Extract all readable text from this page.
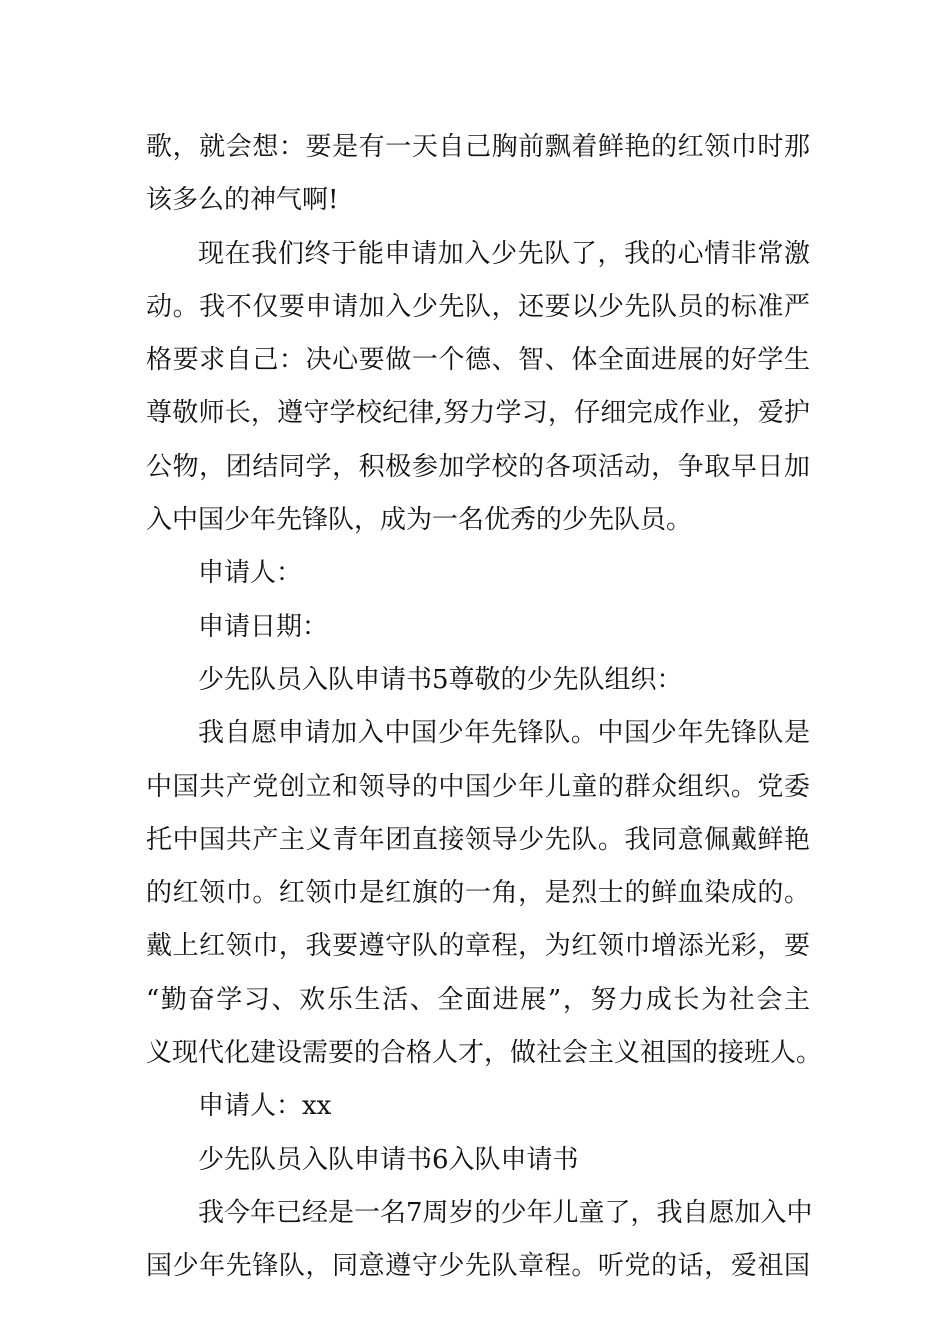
歌，就会想：要是有一天自己胸前飘着鲜艳的红领巾时那
该多么的神气啊!
现在我们终于能申请加入少先队了，我的心情非常激
动。我不仅要申请加入少先队，还要以少先队员的标准严
格要求自己：决心要做一个德、智、体全面进展的好学生
尊敬师长，遵守学校纪律,努力学习，仔细完成作业，爱护
公物，团结同学，积极参加学校的各项活动，争取早日加
入中国少年先锋队，成为一名优秀的少先队员。
申请人：
申请日期：
少先队员入队申请书5尊敬的少先队组织：
我自愿申请加入中国少年先锋队。中国少年先锋队是
中国共产党创立和领导的中国少年儿童的群众组织。党委
托中国共产主义青年团直接领导少先队。我同意佩戴鲜艳
的红领巾。红领巾是红旗的一角，是烈士的鲜血染成的。
戴上红领巾，我要遵守队的章程，为红领巾增添光彩，要
“勤奋学习、欢乐生活、全面进展”，努力成长为社会主
义现代化建设需要的合格人才，做社会主义祖国的接班人。
申请人：xx
少先队员入队申请书6入队申请书
我今年已经是一名7周岁的少年儿童了，我自愿加入中
国少年先锋队，同意遵守少先队章程。听党的话，爱祖国
